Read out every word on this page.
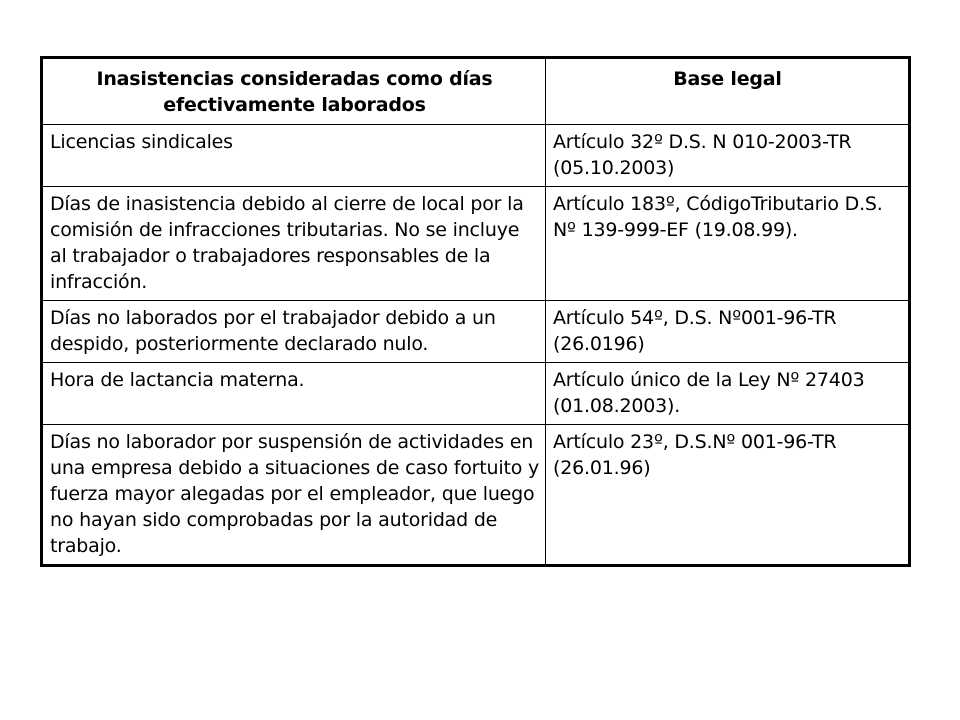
Inasistencias consideradas como días efectivamente laborados	Base legal
Licencias sindicales	Artículo 32º D.S. N 010-2003-TR (05.10.2003)
Días de inasistencia debido al cierre de local por la comisión de infracciones tributarias. No se incluye al trabajador o trabajadores responsables de la infracción.	Artículo 183º, CódigoTributario D.S. Nº 139-999-EF (19.08.99).
Días no laborados por el trabajador debido a un despido, posteriormente declarado nulo.	Artículo 54º, D.S. Nº001-96-TR (26.0196)
Hora de lactancia materna.	Artículo único de la Ley Nº 27403 (01.08.2003).
Días no laborador por suspensión de actividades en una empresa debido a situaciones de caso fortuito y fuerza mayor alegadas por el empleador, que luego no hayan sido comprobadas por la autoridad de trabajo.	Artículo 23º, D.S.Nº 001-96-TR (26.01.96)
